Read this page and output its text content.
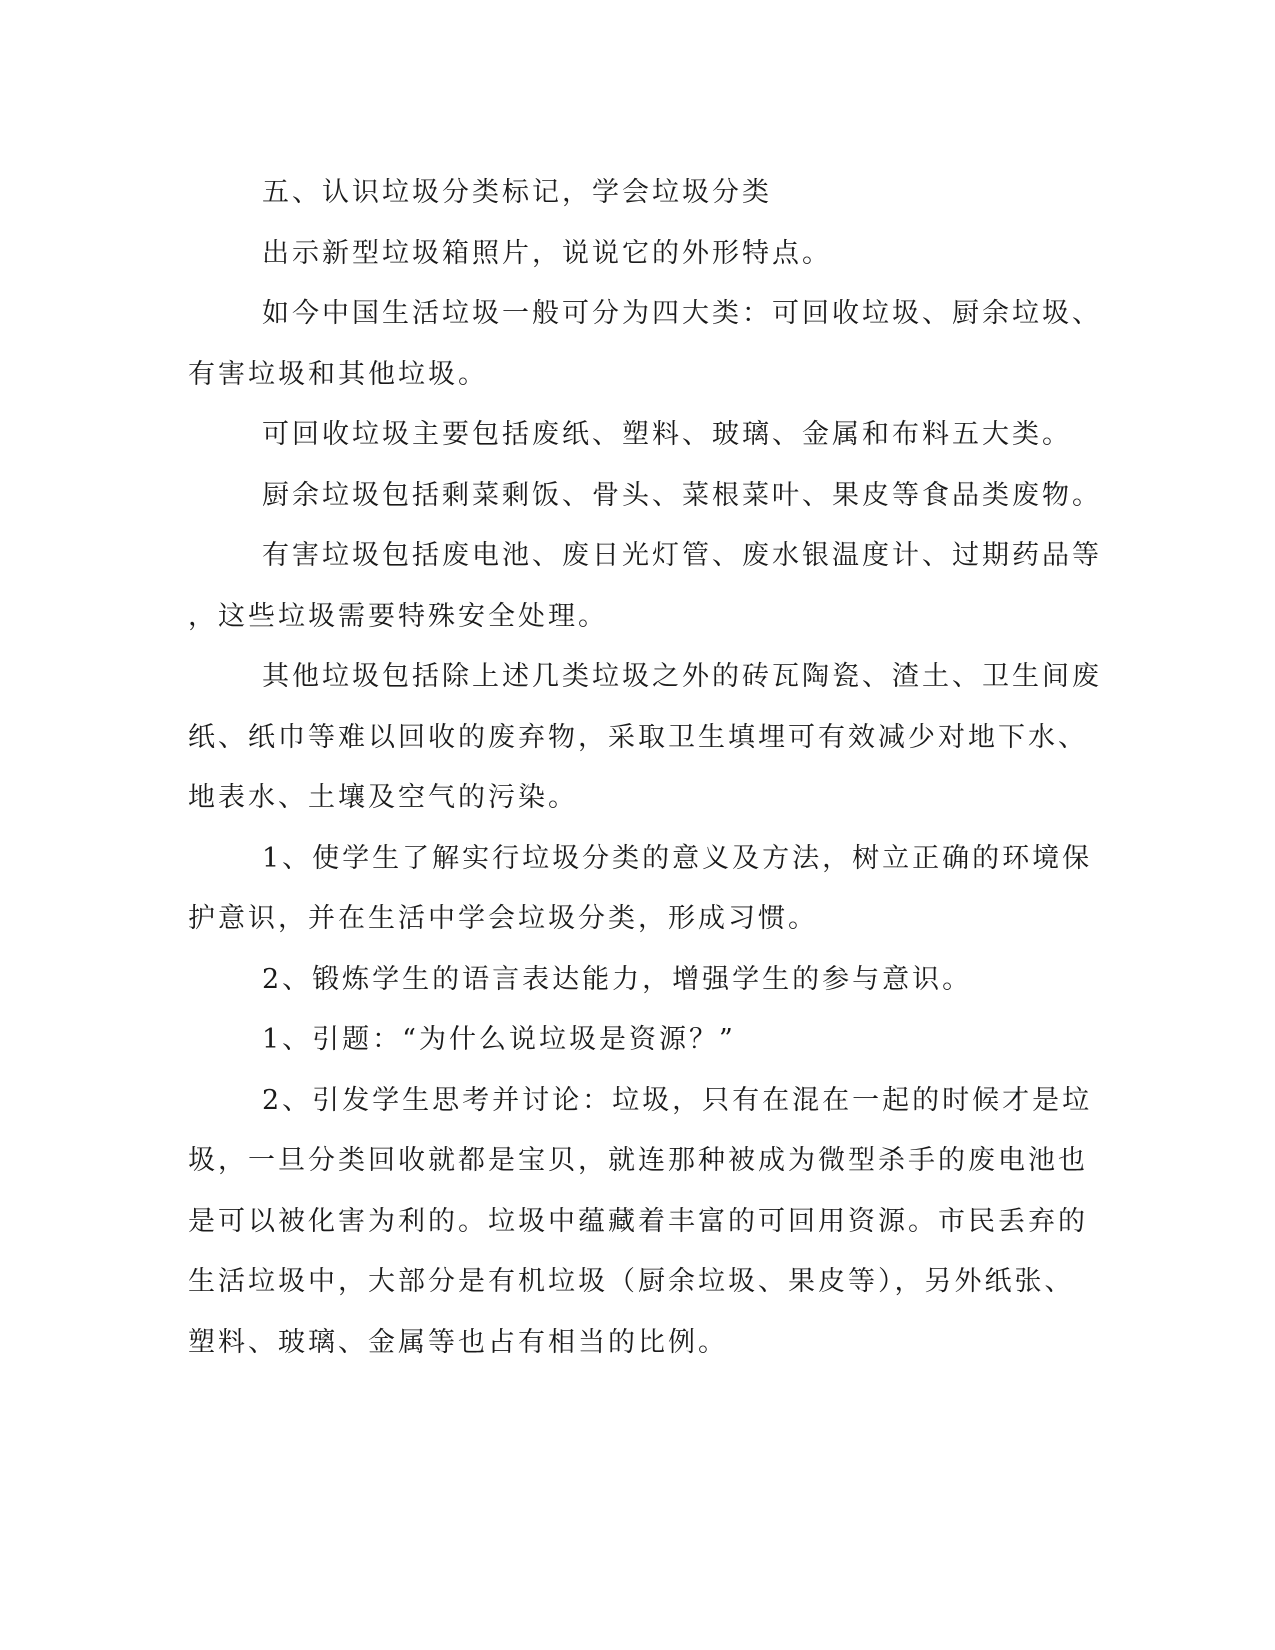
五、认识垃圾分类标记，学会垃圾分类

出示新型垃圾箱照片，说说它的外形特点。

如今中国生活垃圾一般可分为四大类：可回收垃圾、厨余垃圾、
有害垃圾和其他垃圾。

可回收垃圾主要包括废纸、塑料、玻璃、金属和布料五大类。

厨余垃圾包括剩菜剩饭、骨头、菜根菜叶、果皮等食品类废物。

有害垃圾包括废电池、废日光灯管、废水银温度计、过期药品等
，这些垃圾需要特殊安全处理。

其他垃圾包括除上述几类垃圾之外的砖瓦陶瓷、渣土、卫生间废
纸、纸巾等难以回收的废弃物，采取卫生填埋可有效减少对地下水、
地表水、土壤及空气的污染。

1、使学生了解实行垃圾分类的意义及方法，树立正确的环境保
护意识，并在生活中学会垃圾分类，形成习惯。

2、锻炼学生的语言表达能力，增强学生的参与意识。

1、引题：“为什么说垃圾是资源？”

2、引发学生思考并讨论：垃圾，只有在混在一起的时候才是垃
圾，一旦分类回收就都是宝贝，就连那种被成为微型杀手的废电池也
是可以被化害为利的。垃圾中蕴藏着丰富的可回用资源。市民丢弃的
生活垃圾中，大部分是有机垃圾（厨余垃圾、果皮等），另外纸张、
塑料、玻璃、金属等也占有相当的比例。
